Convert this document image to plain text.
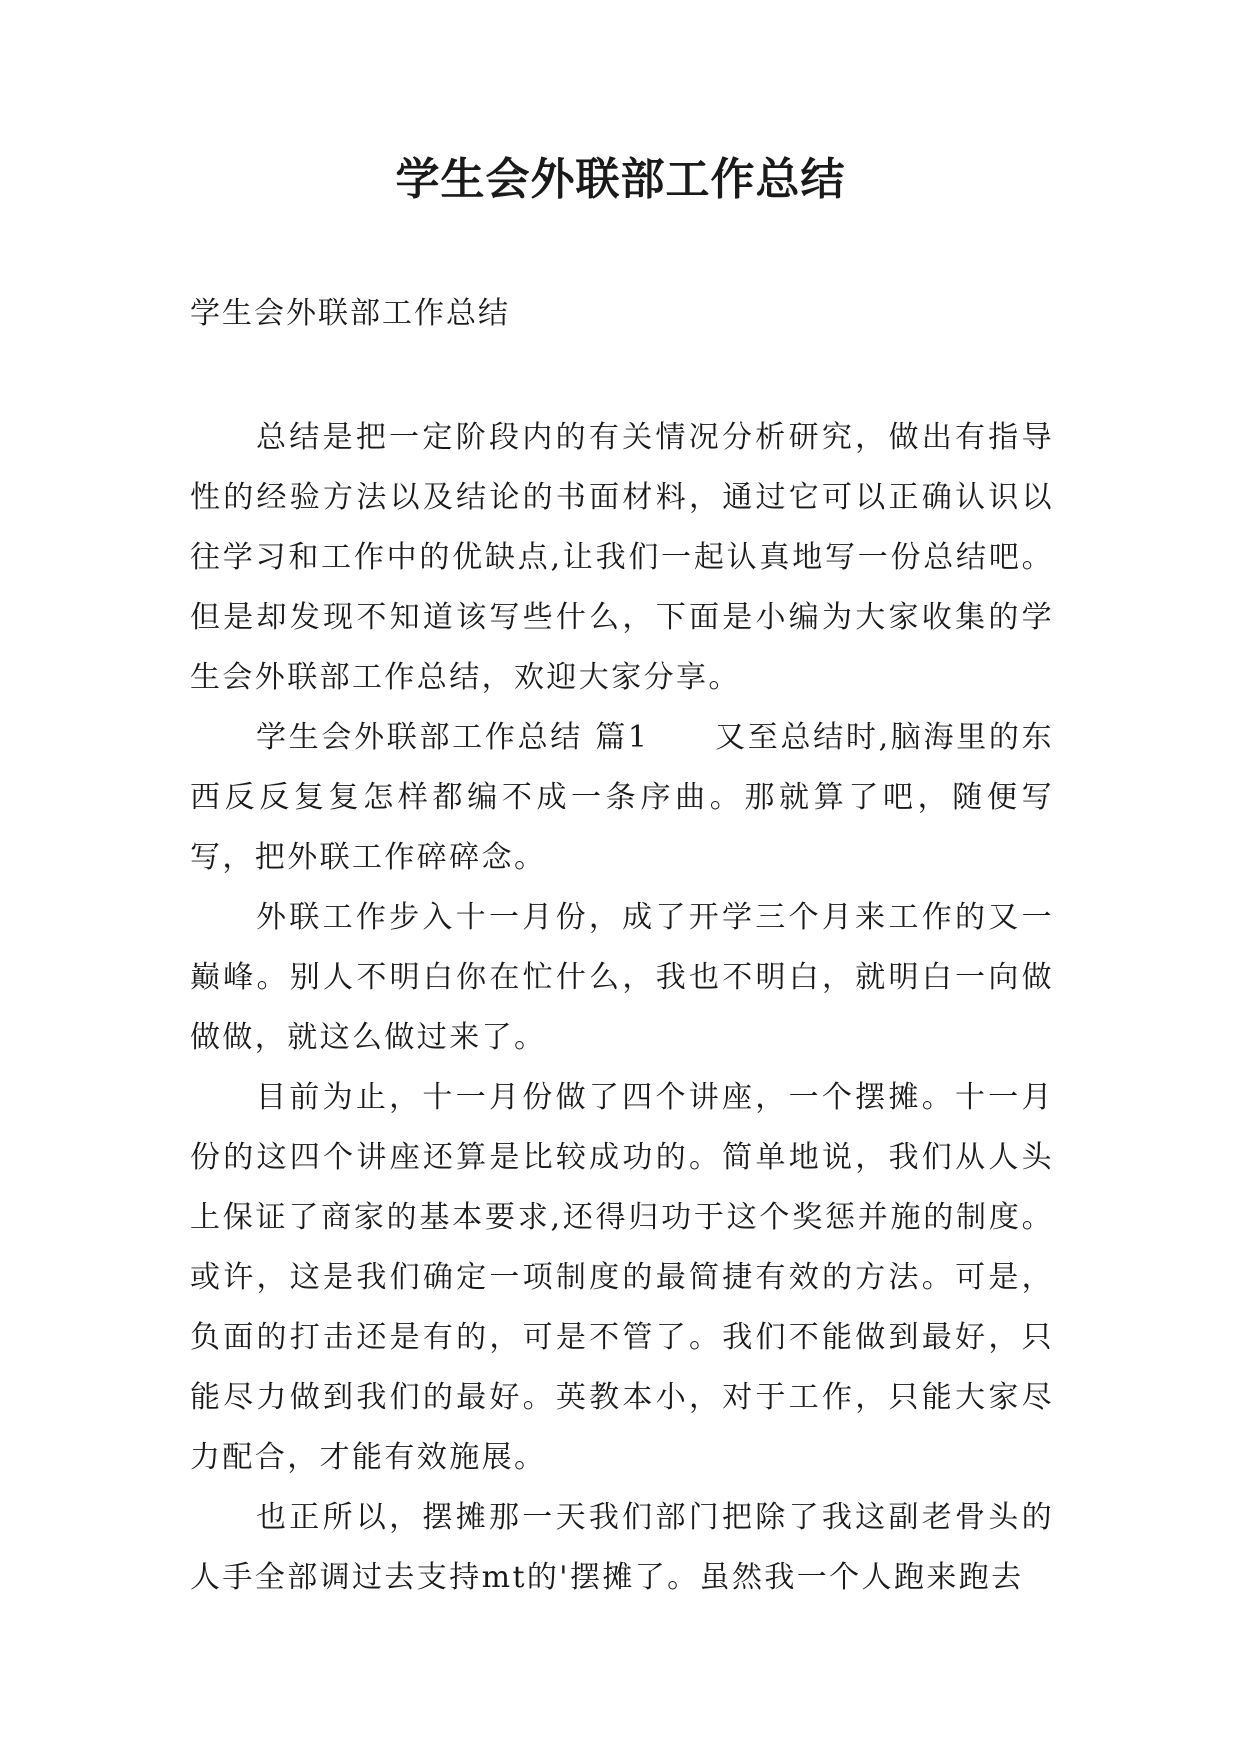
学生会外联部工作总结
学生会外联部工作总结

总结是把一定阶段内的有关情况分析研究，做出有指导性的经验方法以及结论的书面材料，通过它可以正确认识以往学习和工作中的优缺点,让我们一起认真地写一份总结吧。但是却发现不知道该写些什么，下面是小编为大家收集的学生会外联部工作总结，欢迎大家分享。

学生会外联部工作总结 篇1　　又至总结时,脑海里的东西反反复复怎样都编不成一条序曲。那就算了吧，随便写写，把外联工作碎碎念。

外联工作步入十一月份，成了开学三个月来工作的又一巅峰。别人不明白你在忙什么，我也不明白，就明白一向做做做，就这么做过来了。

目前为止，十一月份做了四个讲座，一个摆摊。十一月份的这四个讲座还算是比较成功的。简单地说，我们从人头上保证了商家的基本要求,还得归功于这个奖惩并施的制度。或许，这是我们确定一项制度的最简捷有效的方法。可是，负面的打击还是有的，可是不管了。我们不能做到最好，只能尽力做到我们的最好。英教本小，对于工作，只能大家尽力配合，才能有效施展。

也正所以，摆摊那一天我们部门把除了我这副老骨头的人手全部调过去支持mt的'摆摊了。虽然我一个人跑来跑去
